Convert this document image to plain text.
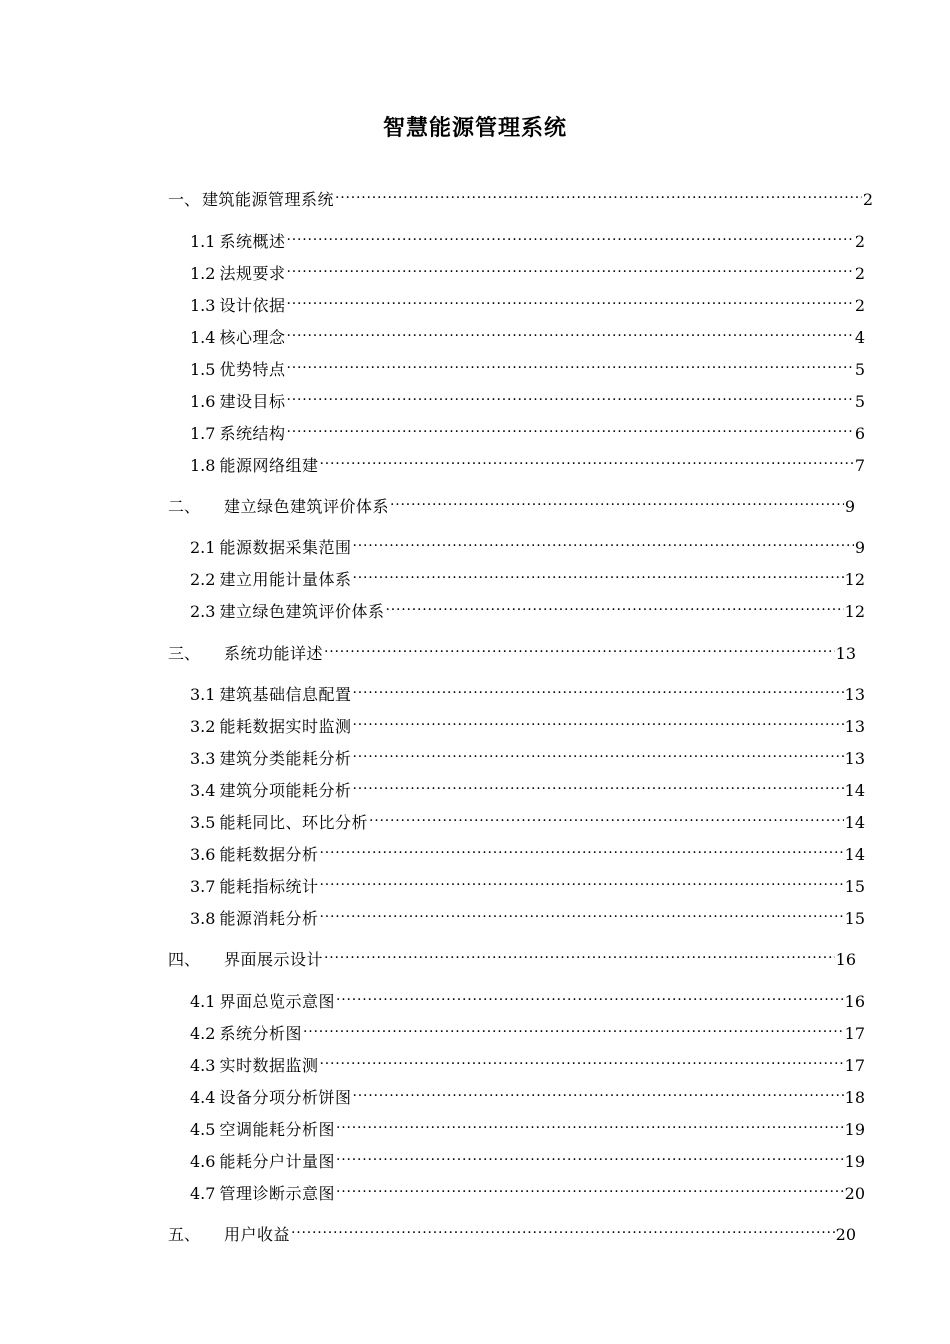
智慧能源管理系统
一、 建筑能源管理系统 .....	2
1.1 系统概述 .....	2
1.2 法规要求 .....	2
1.3 设计依据 .....	2
1.4 核心理念 .....	4
1.5 优势特点 .....	5
1.6 建设目标 .....	5
1.7 系统结构 .....	6
1.8 能源网络组建 .....	7
二、 建立绿色建筑评价体系 .....	9
2.1 能源数据采集范围 .....	9
2.2 建立用能计量体系 .....	12
2.3 建立绿色建筑评价体系 .....	12
三、 系统功能详述 .....	13
3.1 建筑基础信息配置 .....	13
3.2 能耗数据实时监测 .....	13
3.3 建筑分类能耗分析 .....	13
3.4 建筑分项能耗分析 .....	14
3.5 能耗同比、环比分析 .....	14
3.6 能耗数据分析 .....	14
3.7 能耗指标统计 .....	15
3.8 能源消耗分析 .....	15
四、 界面展示设计 .....	16
4.1 界面总览示意图 .....	16
4.2 系统分析图 .....	17
4.3 实时数据监测 .....	17
4.4 设备分项分析饼图 .....	18
4.5 空调能耗分析图 .....	19
4.6 能耗分户计量图 .....	19
4.7 管理诊断示意图 .....	20
五、 用户收益 .....	20
